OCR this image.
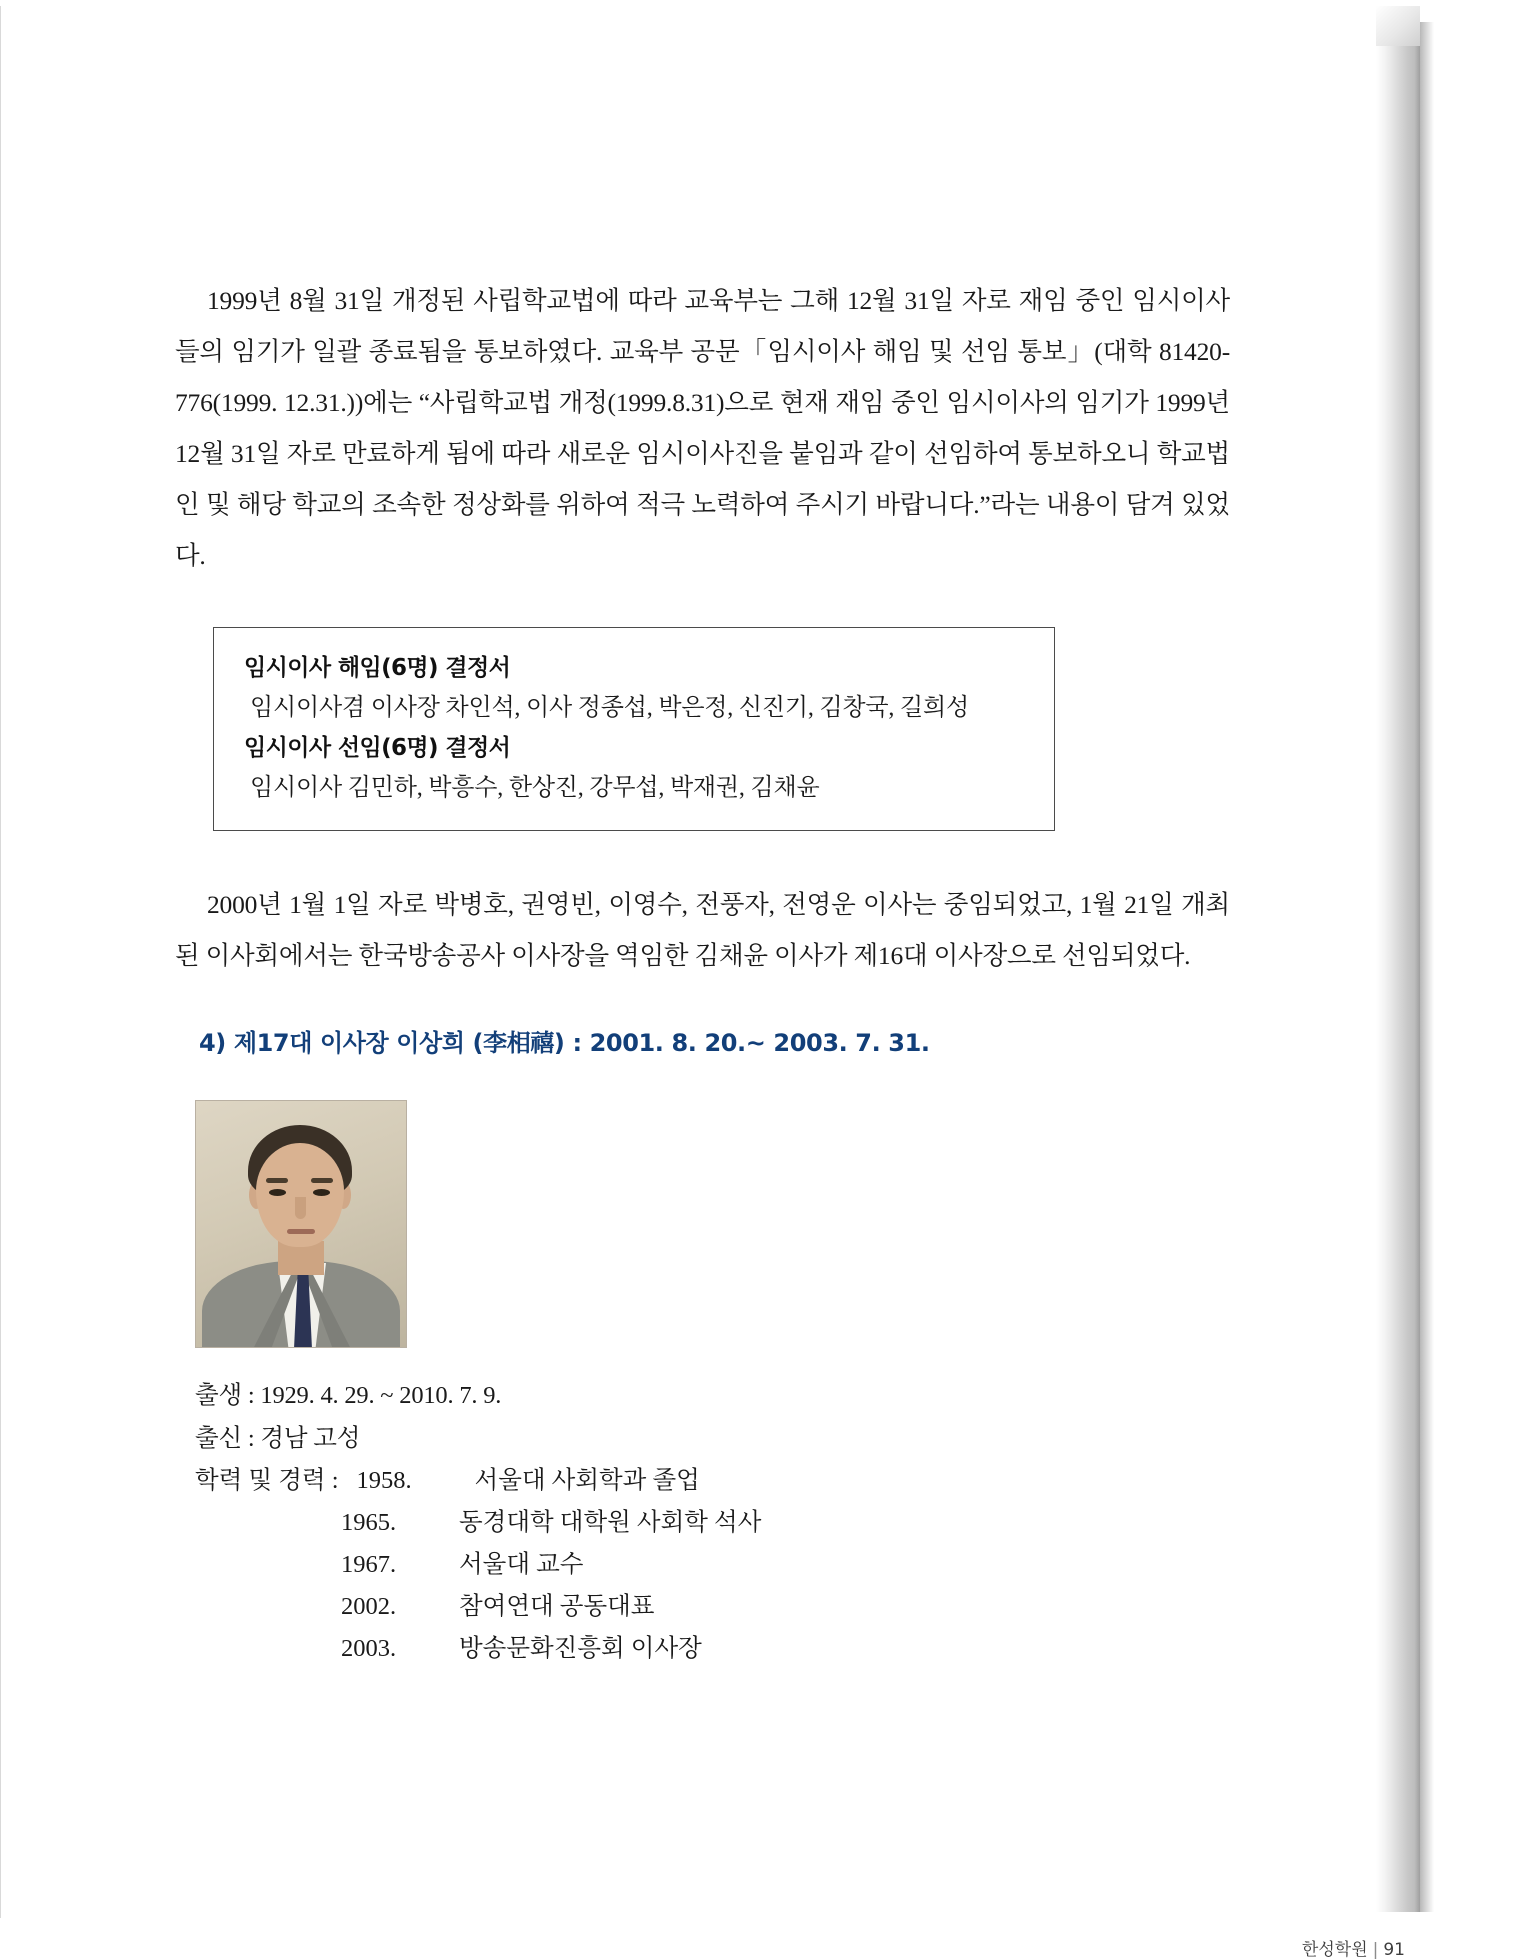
1999년 8월 31일 개정된 사립학교법에 따라 교육부는 그해 12월 31일 자로 재임 중인 임시이사들의 임기가 일괄 종료됨을 통보하였다. 교육부 공문「임시이사 해임 및 선임 통보」(대학 81420-776(1999. 12.31.))에는 “사립학교법 개정(1999.8.31)으로 현재 재임 중인 임시이사의 임기가 1999년 12월 31일 자로 만료하게 됨에 따라 새로운 임시이사진을 붙임과 같이 선임하여 통보하오니 학교법인 및 해당 학교의 조속한 정상화를 위하여 적극 노력하여 주시기 바랍니다.”라는 내용이 담겨 있었다.

임시이사 해임(6명) 결정서
임시이사겸 이사장 차인석, 이사 정종섭, 박은정, 신진기, 김창국, 길희성
임시이사 선임(6명) 결정서
임시이사 김민하, 박흥수, 한상진, 강무섭, 박재권, 김채윤

2000년 1월 1일 자로 박병호, 권영빈, 이영수, 전풍자, 전영운 이사는 중임되었고, 1월 21일 개최된 이사회에서는 한국방송공사 이사장을 역임한 김채윤 이사가 제16대 이사장으로 선임되었다.

4) 제17대 이사장 이상희 (李相禧) : 2001. 8. 20.~ 2003. 7. 31.
출생 : 1929. 4. 29. ~ 2010. 7. 9.
출신 : 경남 고성
학력 및 경력 : 1958.	서울대 사회학과 졸업
1965.	동경대학 대학원 사회학 석사
1967.	서울대 교수
2002.	참여연대 공동대표
2003.	방송문화진흥회 이사장
한성학원 | 91
